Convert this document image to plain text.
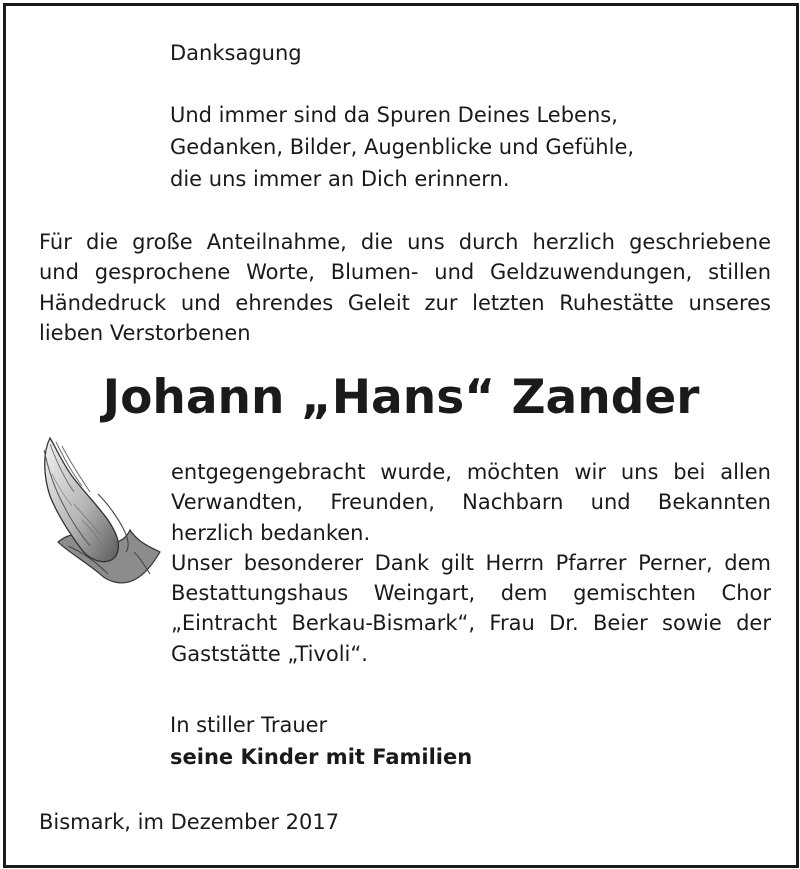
Danksagung
Und immer sind da Spuren Deines Lebens,
Gedanken, Bilder, Augenblicke und Gefühle,
die uns immer an Dich erinnern.
Für die große Anteilnahme, die uns durch herzlich geschriebene
und gesprochene Worte, Blumen- und Geldzuwendungen, stillen
Händedruck und ehrendes Geleit zur letzten Ruhestätte unseres
lieben Verstorbenen
Johann „Hans“ Zander
entgegengebracht wurde, möchten wir uns bei allen
Verwandten, Freunden, Nachbarn und Bekannten
herzlich bedanken.
Unser besonderer Dank gilt Herrn Pfarrer Perner, dem
Bestattungshaus Weingart, dem gemischten Chor
„Eintracht Berkau-Bismark“, Frau Dr. Beier sowie der
Gaststätte „Tivoli“.
In stiller Trauer
seine Kinder mit Familien
Bismark, im Dezember 2017
